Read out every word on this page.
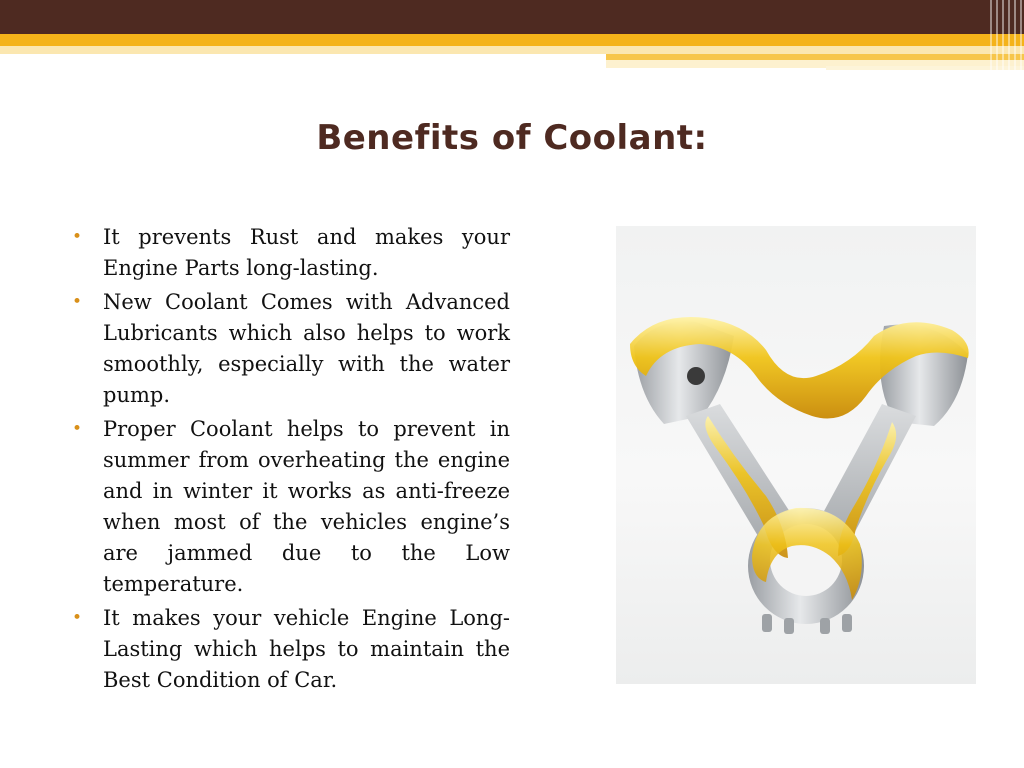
Benefits of Coolant:
• It prevents Rust and makes your Engine Parts long-lasting.
• New Coolant Comes with Advanced Lubricants which also helps to work smoothly, especially with the water pump.
• Proper Coolant helps to prevent in summer from overheating the engine and in winter it works as anti-freeze when most of the vehicles engine’s are jammed due to the Low temperature.
• It makes your vehicle Engine Long-Lasting which helps to maintain the Best Condition of Car.
